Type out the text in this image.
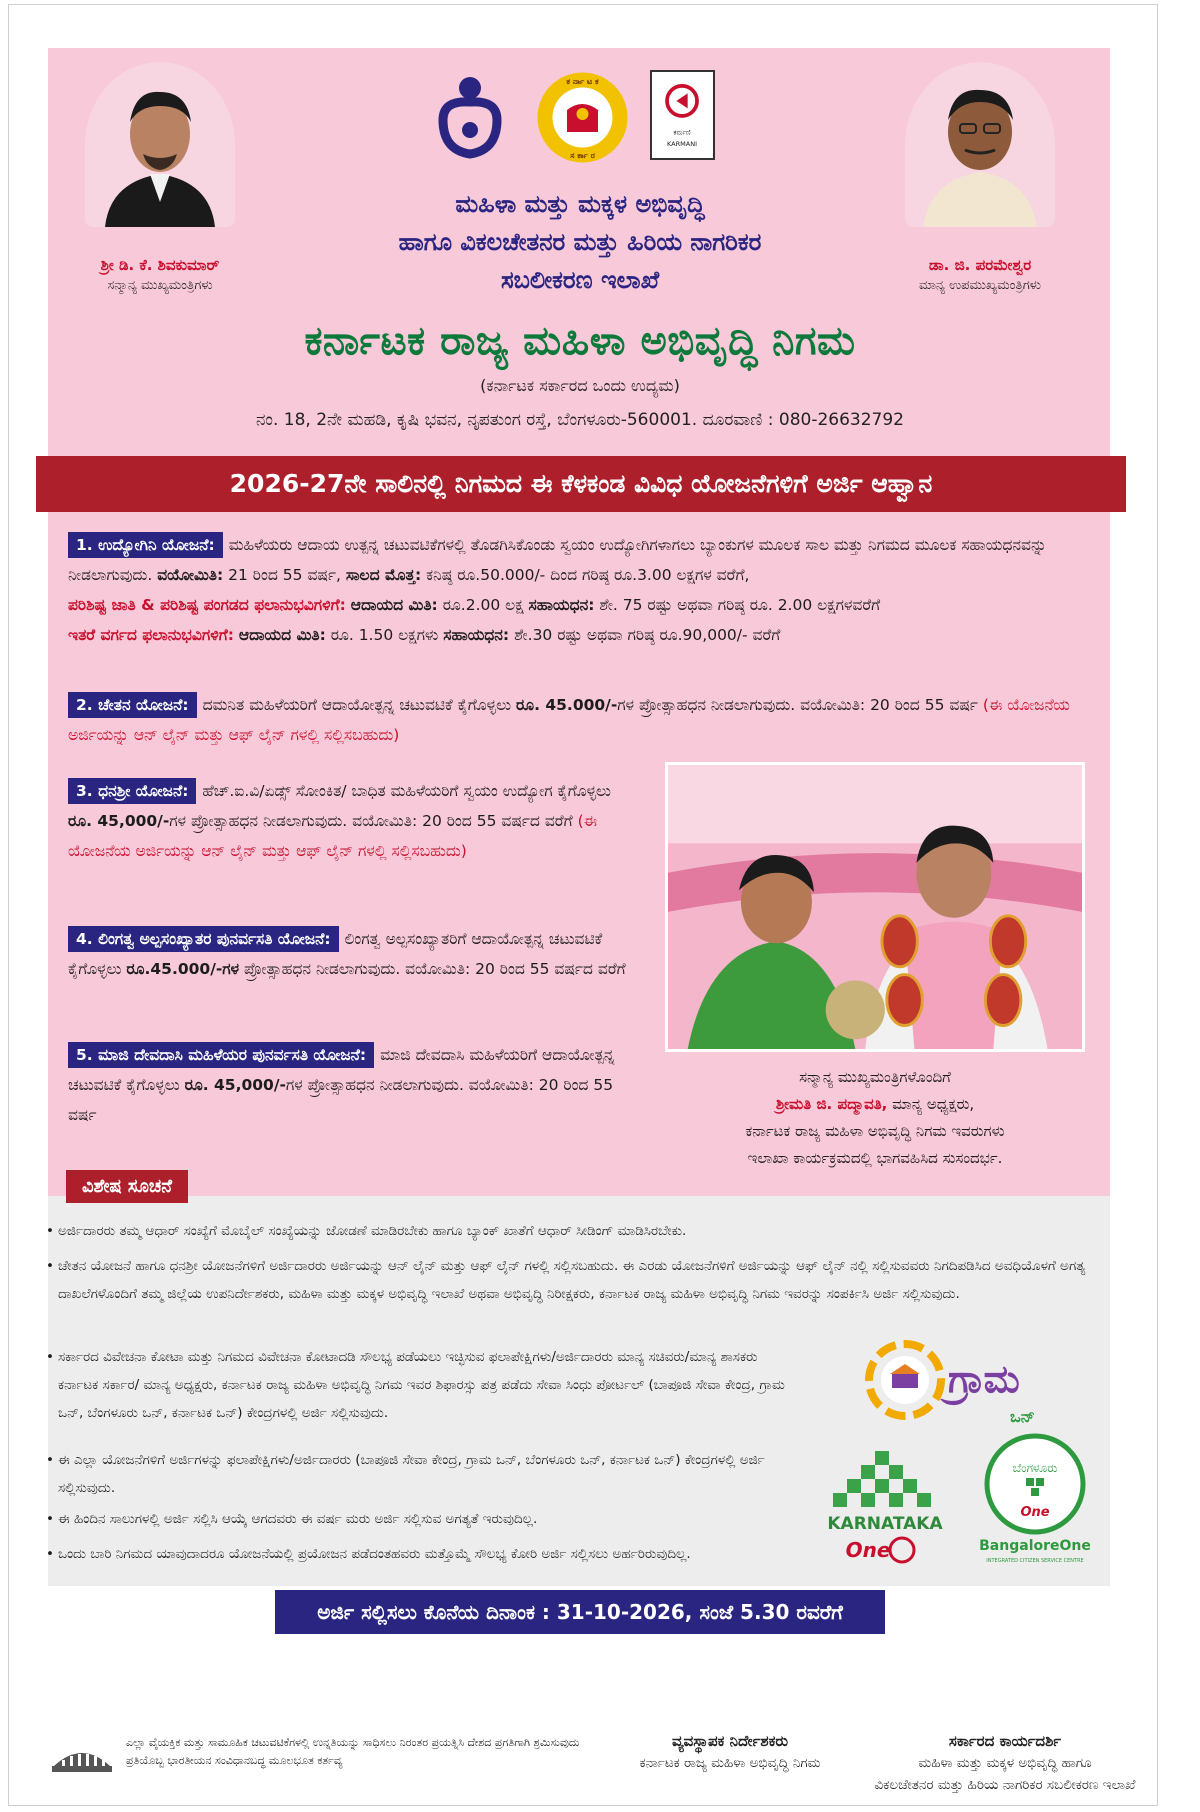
ಶ್ರೀ ಡಿ. ಕೆ. ಶಿವಕುಮಾರ್
ಸನ್ಮಾನ್ಯ ಮುಖ್ಯಮಂತ್ರಿಗಳು
ಡಾ. ಜಿ. ಪರಮೇಶ್ವರ
ಮಾನ್ಯ ಉಪಮುಖ್ಯಮಂತ್ರಿಗಳು
ಕ ರ್ನಾ ಟ ಕ
ಸ ರ್ಕಾ ರ
ಕರ್ಮಣಿ
KARMANI
ಮಹಿಳಾ ಮತ್ತು ಮಕ್ಕಳ ಅಭಿವೃದ್ಧಿ
ಹಾಗೂ ವಿಕಲಚೇತನರ ಮತ್ತು ಹಿರಿಯ ನಾಗರಿಕರ
ಸಬಲೀಕರಣ ಇಲಾಖೆ
ಕರ್ನಾಟಕ ರಾಜ್ಯ ಮಹಿಳಾ ಅಭಿವೃದ್ಧಿ ನಿಗಮ
(ಕರ್ನಾಟಕ ಸರ್ಕಾರದ ಒಂದು ಉದ್ಯಮ)
ನಂ. 18, 2ನೇ ಮಹಡಿ, ಕೃಷಿ ಭವನ, ನೃಪತುಂಗ ರಸ್ತೆ, ಬೆಂಗಳೂರು-560001. ದೂರವಾಣಿ : 080-26632792
2026-27ನೇ ಸಾಲಿನಲ್ಲಿ ನಿಗಮದ ಈ ಕೆಳಕಂಡ ವಿವಿಧ ಯೋಜನೆಗಳಿಗೆ ಅರ್ಜಿ ಆಹ್ವಾನ
1. ಉದ್ಯೋಗಿನಿ ಯೋಜನೆ: ಮಹಿಳೆಯರು ಆದಾಯ ಉತ್ಪನ್ನ ಚಟುವಟಿಕೆಗಳಲ್ಲಿ ತೊಡಗಿಸಿಕೊಂಡು ಸ್ವಯಂ ಉದ್ಯೋಗಿಗಳಾಗಲು ಬ್ಯಾಂಕುಗಳ ಮೂಲಕ ಸಾಲ ಮತ್ತು ನಿಗಮದ ಮೂಲಕ ಸಹಾಯಧನವನ್ನು ನೀಡಲಾಗುವುದು. ವಯೋಮಿತಿ: 21 ರಿಂದ 55 ವರ್ಷ, ಸಾಲದ ಮೊತ್ತ: ಕನಿಷ್ಠ ರೂ.50.000/- ದಿಂದ ಗರಿಷ್ಠ ರೂ.3.00 ಲಕ್ಷಗಳ ವರೆಗೆ,
ಪರಿಶಿಷ್ಟ ಜಾತಿ & ಪರಿಶಿಷ್ಟ ಪಂಗಡದ ಫಲಾನುಭವಿಗಳಿಗೆ: ಆದಾಯದ ಮಿತಿ: ರೂ.2.00 ಲಕ್ಷ ಸಹಾಯಧನ: ಶೇ. 75 ರಷ್ಟು ಅಥವಾ ಗರಿಷ್ಠ ರೂ. 2.00 ಲಕ್ಷಗಳವರೆಗೆ
ಇತರೆ ವರ್ಗದ ಫಲಾನುಭವಿಗಳಿಗೆ: ಆದಾಯದ ಮಿತಿ: ರೂ. 1.50 ಲಕ್ಷಗಳು ಸಹಾಯಧನ: ಶೇ.30 ರಷ್ಟು ಅಥವಾ ಗರಿಷ್ಠ ರೂ.90,000/- ವರೆಗೆ
2. ಚೇತನ ಯೋಜನೆ: ದಮನಿತ ಮಹಿಳೆಯರಿಗೆ ಆದಾಯೋತ್ಪನ್ನ ಚಟುವಟಿಕೆ ಕೈಗೊಳ್ಳಲು ರೂ. 45.000/-ಗಳ ಪ್ರೋತ್ಸಾಹಧನ ನೀಡಲಾಗುವುದು. ವಯೋಮಿತಿ: 20 ರಿಂದ 55 ವರ್ಷ (ಈ ಯೋಜನೆಯ ಅರ್ಜಿಯನ್ನು ಆನ್ ಲೈನ್ ಮತ್ತು ಆಫ್ ಲೈನ್ ಗಳಲ್ಲಿ ಸಲ್ಲಿಸಬಹುದು)
3. ಧನಶ್ರೀ ಯೋಜನೆ: ಹೆಚ್.ಐ.ವಿ/ಏಡ್ಸ್ ಸೋಂಕಿತ/ ಬಾಧಿತ ಮಹಿಳೆಯರಿಗೆ ಸ್ವಯಂ ಉದ್ಯೋಗ ಕೈಗೊಳ್ಳಲು ರೂ. 45,000/-ಗಳ ಪ್ರೋತ್ಸಾಹಧನ ನೀಡಲಾಗುವುದು. ವಯೋಮಿತಿ: 20 ರಿಂದ 55 ವರ್ಷದ ವರೆಗೆ (ಈ ಯೋಜನೆಯ ಅರ್ಜಿಯನ್ನು ಆನ್ ಲೈನ್ ಮತ್ತು ಆಫ್ ಲೈನ್ ಗಳಲ್ಲಿ ಸಲ್ಲಿಸಬಹುದು)
4. ಲಿಂಗತ್ವ ಅಲ್ಪಸಂಖ್ಯಾತರ ಪುನರ್ವಸತಿ ಯೋಜನೆ: ಲಿಂಗತ್ವ ಅಲ್ಪಸಂಖ್ಯಾತರಿಗೆ ಆದಾಯೋತ್ಪನ್ನ ಚಟುವಟಿಕೆ ಕೈಗೊಳ್ಳಲು ರೂ.45.000/-ಗಳ ಪ್ರೋತ್ಸಾಹಧನ ನೀಡಲಾಗುವುದು. ವಯೋಮಿತಿ: 20 ರಿಂದ 55 ವರ್ಷದ ವರೆಗೆ
5. ಮಾಜಿ ದೇವದಾಸಿ ಮಹಿಳೆಯರ ಪುನರ್ವಸತಿ ಯೋಜನೆ: ಮಾಜಿ ದೇವದಾಸಿ ಮಹಿಳೆಯರಿಗೆ ಆದಾಯೋತ್ಪನ್ನ ಚಟುವಟಿಕೆ ಕೈಗೊಳ್ಳಲು ರೂ. 45,000/-ಗಳ ಪ್ರೋತ್ಸಾಹಧನ ನೀಡಲಾಗುವುದು. ವಯೋಮಿತಿ: 20 ರಿಂದ 55 ವರ್ಷ
ಸನ್ಮಾನ್ಯ ಮುಖ್ಯಮಂತ್ರಿಗಳೊಂದಿಗೆ
ಶ್ರೀಮತಿ ಜಿ. ಪದ್ಮಾವತಿ, ಮಾನ್ಯ ಅಧ್ಯಕ್ಷರು,
ಕರ್ನಾಟಕ ರಾಜ್ಯ ಮಹಿಳಾ ಅಭಿವೃದ್ಧಿ ನಿಗಮ ಇವರುಗಳು
ಇಲಾಖಾ ಕಾರ್ಯಕ್ರಮದಲ್ಲಿ ಭಾಗವಹಿಸಿದ ಸುಸಂದರ್ಭ.
ವಿಶೇಷ ಸೂಚನೆ
• ಅರ್ಜಿದಾರರು ತಮ್ಮ ಆಧಾರ್ ಸಂಖ್ಯೆಗೆ ಮೊಬೈಲ್ ಸಂಖ್ಯೆಯನ್ನು ಜೋಡಣೆ ಮಾಡಿರಬೇಕು ಹಾಗೂ ಬ್ಯಾಂಕ್ ಖಾತೆಗೆ ಆಧಾರ್ ಸೀಡಿಂಗ್ ಮಾಡಿಸಿರಬೇಕು.
• ಚೇತನ ಯೋಜನೆ ಹಾಗೂ ಧನಶ್ರೀ ಯೋಜನೆಗಳಿಗೆ ಅರ್ಜಿದಾರರು ಅರ್ಜಿಯನ್ನು ಆನ್ ಲೈನ್ ಮತ್ತು ಆಫ್ ಲೈನ್ ಗಳಲ್ಲಿ ಸಲ್ಲಿಸಬಹುದು. ಈ ಎರಡು ಯೋಜನೆಗಳಿಗೆ ಅರ್ಜಿಯನ್ನು ಆಫ್ ಲೈನ್ ನಲ್ಲಿ ಸಲ್ಲಿಸುವವರು ನಿಗದಿಪಡಿಸಿದ ಅವಧಿಯೊಳಗೆ ಅಗತ್ಯ ದಾಖಲೆಗಳೊಂದಿಗೆ ತಮ್ಮ ಜಿಲ್ಲೆಯ ಉಪನಿರ್ದೇಶಕರು, ಮಹಿಳಾ ಮತ್ತು ಮಕ್ಕಳ ಅಭಿವೃದ್ಧಿ ಇಲಾಖೆ ಅಥವಾ ಅಭಿವೃದ್ಧಿ ನಿರೀಕ್ಷಕರು, ಕರ್ನಾಟಕ ರಾಜ್ಯ ಮಹಿಳಾ ಅಭಿವೃದ್ಧಿ ನಿಗಮ ಇವರನ್ನು ಸಂಪರ್ಕಿಸಿ ಅರ್ಜಿ ಸಲ್ಲಿಸುವುದು.
• ಸರ್ಕಾರದ ವಿವೇಚನಾ ಕೋಟಾ ಮತ್ತು ನಿಗಮದ ವಿವೇಚನಾ ಕೋಟಾದಡಿ ಸೌಲಭ್ಯ ಪಡೆಯಲು ಇಚ್ಛಿಸುವ ಫಲಾಪೇಕ್ಷಿಗಳು/ಅರ್ಜಿದಾರರು ಮಾನ್ಯ ಸಚಿವರು/ಮಾನ್ಯ ಶಾಸಕರು ಕರ್ನಾಟಕ ಸರ್ಕಾರ/ ಮಾನ್ಯ ಅಧ್ಯಕ್ಷರು, ಕರ್ನಾಟಕ ರಾಜ್ಯ ಮಹಿಳಾ ಅಭಿವೃದ್ಧಿ ನಿಗಮ ಇವರ ಶಿಫಾರಸ್ಸು ಪತ್ರ ಪಡೆದು ಸೇವಾ ಸಿಂಧು ಪೋರ್ಟಲ್ (ಬಾಪೂಜಿ ಸೇವಾ ಕೇಂದ್ರ, ಗ್ರಾಮ ಒನ್, ಬೆಂಗಳೂರು ಒನ್, ಕರ್ನಾಟಕ ಒನ್) ಕೇಂದ್ರಗಳಲ್ಲಿ ಅರ್ಜಿ ಸಲ್ಲಿಸುವುದು.
• ಈ ಎಲ್ಲಾ ಯೋಜನೆಗಳಿಗೆ ಅರ್ಜಿಗಳನ್ನು ಫಲಾಪೇಕ್ಷಿಗಳು/ಅರ್ಜಿದಾರರು (ಬಾಪೂಜಿ ಸೇವಾ ಕೇಂದ್ರ, ಗ್ರಾಮ ಒನ್, ಬೆಂಗಳೂರು ಒನ್, ಕರ್ನಾಟಕ ಒನ್) ಕೇಂದ್ರಗಳಲ್ಲಿ ಅರ್ಜಿ ಸಲ್ಲಿಸುವುದು.
• ಈ ಹಿಂದಿನ ಸಾಲುಗಳಲ್ಲಿ ಅರ್ಜಿ ಸಲ್ಲಿಸಿ ಆಯ್ಕೆ ಆಗದವರು ಈ ವರ್ಷ ಮರು ಅರ್ಜಿ ಸಲ್ಲಿಸುವ ಅಗತ್ಯತೆ ಇರುವುದಿಲ್ಲ.
• ಒಂದು ಬಾರಿ ನಿಗಮದ ಯಾವುದಾದರೂ ಯೋಜನೆಯಲ್ಲಿ ಪ್ರಯೋಜನ ಪಡೆದಂತಹವರು ಮತ್ತೊಮ್ಮೆ ಸೌಲಭ್ಯ ಕೋರಿ ಅರ್ಜಿ ಸಲ್ಲಿಸಲು ಅರ್ಹರಿರುವುದಿಲ್ಲ.
ಗ್ರಾಮ
ಒನ್
KARNATAKA
One
ಬೆಂಗಳೂರು
One
BangaloreOne
INTEGRATED CITIZEN SERVICE CENTRE
ಅರ್ಜಿ ಸಲ್ಲಿಸಲು ಕೊನೆಯ ದಿನಾಂಕ : 31-10-2026, ಸಂಜೆ 5.30 ರವರೆಗೆ
ಹೆಚ್ಚಿನ ಮಾಹಿತಿಗಾಗಿ ಜಿಲ್ಲೆಯ ಉಪ ನಿರ್ದೇಶಕರು, ಮಹಿಳಾ ಮತ್ತು ಮಕ್ಕಳ ಅಭಿವೃದ್ಧಿ ಇಲಾಖೆ ಹಾಗೂ ಜಿಲ್ಲೆಯ ಅಭಿವೃದ್ಧಿ ನಿರೀಕ್ಷಕರು, ಕರ್ನಾಟಕ ರಾಜ್ಯ ಮಹಿಳಾ ಅಭಿವೃದ್ಧಿ ನಿಗಮ ಅಥವಾ ನಿಗಮದ ವೆಬ್ ಸೈಟ್ (https://kswdc.karnataka.gov.in) ಸಂಪರ್ಕಿಸುವುದು. ದೂರವಾಣಿ ಸಂಖ್ಯೆ:080 26632792/080-26632973
ಎಲ್ಲಾ ವೈಯಕ್ತಿಕ ಮತ್ತು ಸಾಮೂಹಿಕ ಚಟುವಟಿಕೆಗಳಲ್ಲಿ ಉನ್ನತಿಯನ್ನು ಸಾಧಿಸಲು ನಿರಂತರ ಪ್ರಯತ್ನಿಸಿ ದೇಶದ ಪ್ರಗತಿಗಾಗಿ ಶ್ರಮಿಸುವುದು ಪ್ರತಿಯೊಬ್ಬ ಭಾರತೀಯನ ಸಂವಿಧಾನಬದ್ಧ ಮೂಲಭೂತ ಕರ್ತವ್ಯ
ವ್ಯವಸ್ಥಾಪಕ ನಿರ್ದೇಶಕರು
ಕರ್ನಾಟಕ ರಾಜ್ಯ ಮಹಿಳಾ ಅಭಿವೃದ್ಧಿ ನಿಗಮ
ಸರ್ಕಾರದ ಕಾರ್ಯದರ್ಶಿ
ಮಹಿಳಾ ಮತ್ತು ಮಕ್ಕಳ ಅಭಿವೃದ್ಧಿ ಹಾಗೂ
ವಿಕಲಚೇತನರ ಮತ್ತು ಹಿರಿಯ ನಾಗರಿಕರ ಸಬಲೀಕರಣ ಇಲಾಖೆ
